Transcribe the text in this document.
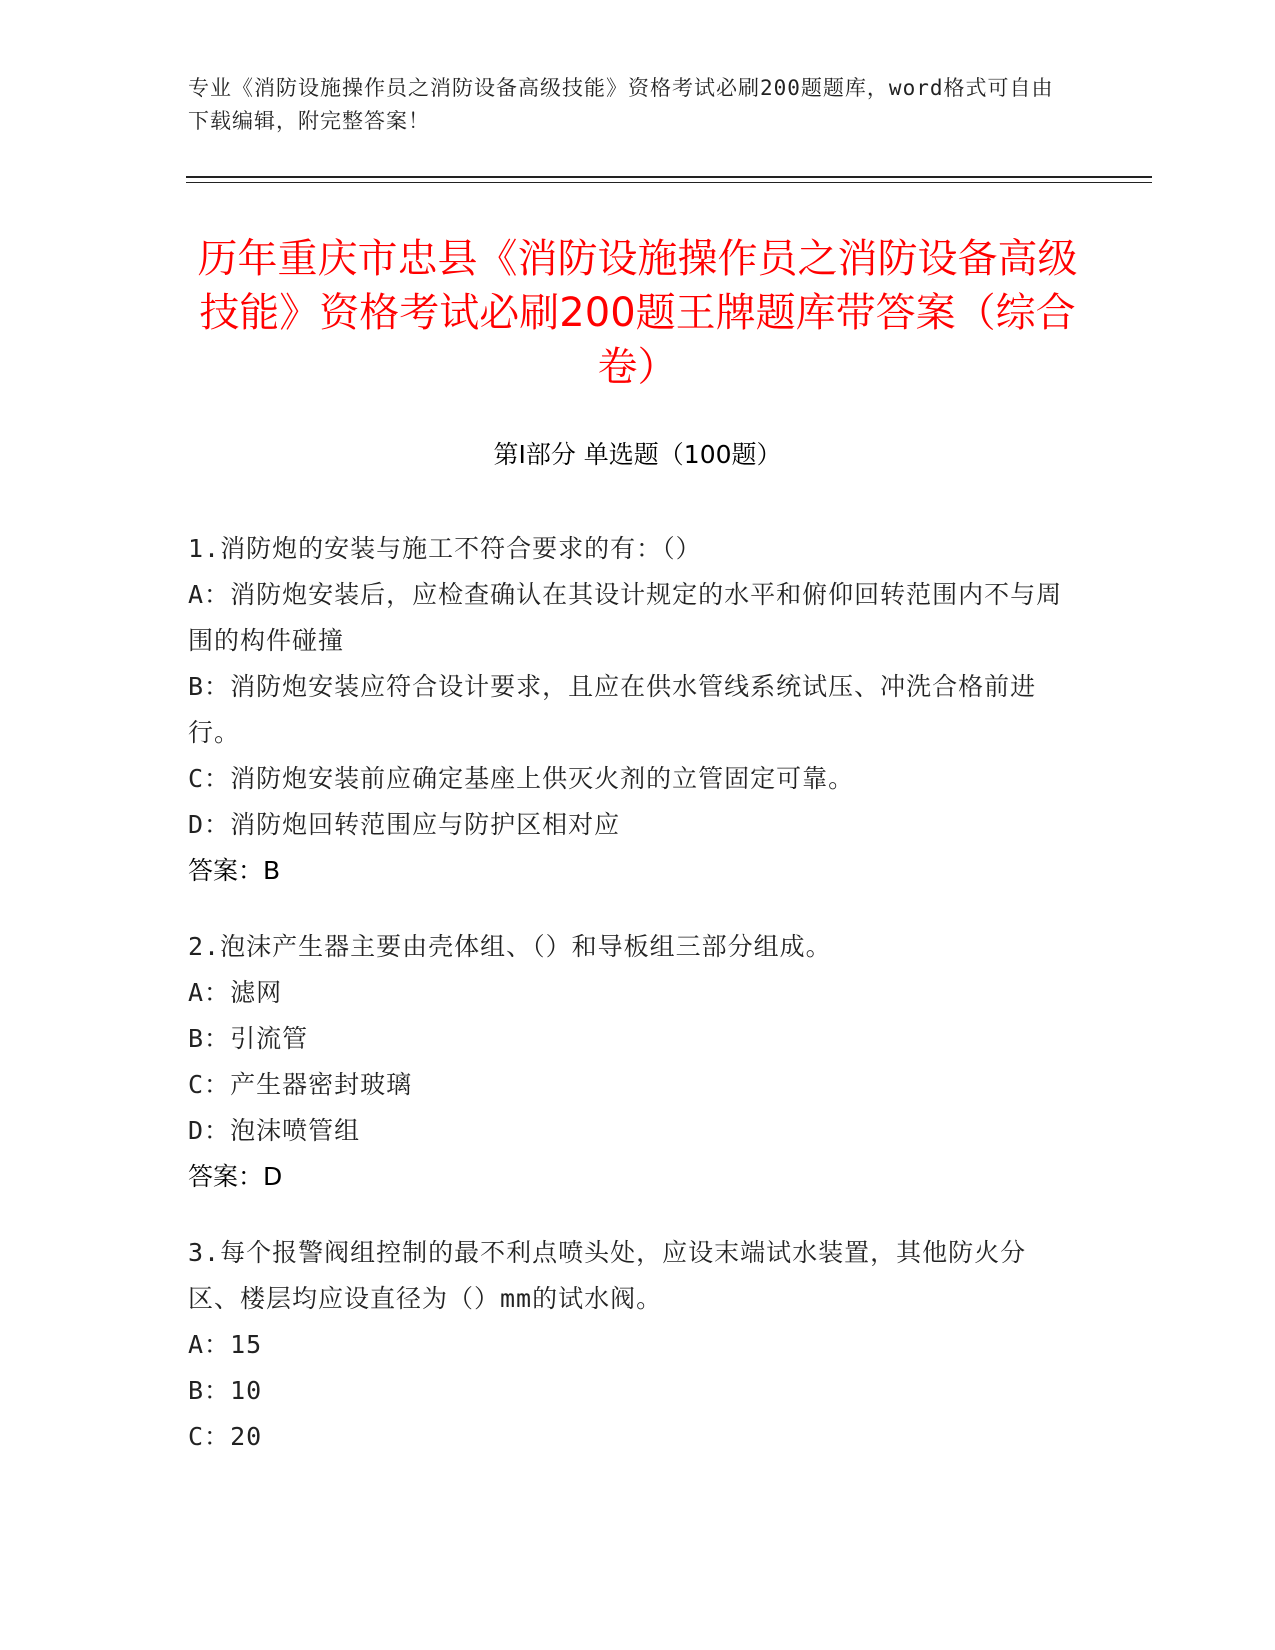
专业《消防设施操作员之消防设备高级技能》资格考试必刷200题题库，word格式可自由下载编辑，附完整答案！
历年重庆市忠县《消防设施操作员之消防设备高级技能》资格考试必刷200题王牌题库带答案（综合卷）
第Ⅰ部分 单选题（100题）
1.消防炮的安装与施工不符合要求的有：（）
A：消防炮安装后，应检查确认在其设计规定的水平和俯仰回转范围内不与周围的构件碰撞
B：消防炮安装应符合设计要求，且应在供水管线系统试压、冲洗合格前进行。
C：消防炮安装前应确定基座上供灭火剂的立管固定可靠。
D：消防炮回转范围应与防护区相对应
答案：B
2.泡沫产生器主要由壳体组、（）和导板组三部分组成。
A：滤网
B：引流管
C：产生器密封玻璃
D：泡沫喷管组
答案：D
3.每个报警阀组控制的最不利点喷头处，应设末端试水装置，其他防火分区、楼层均应设直径为（）mm的试水阀。
A：15
B：10
C：20
